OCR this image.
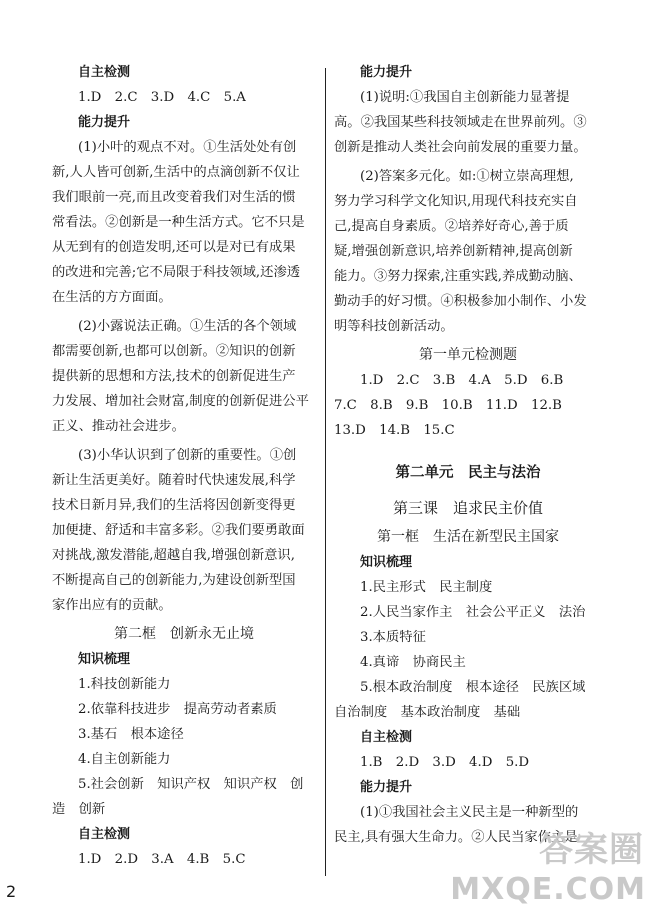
自主检测
1.D　2.C　3.D　4.C　5.A
能力提升
(1)小叶的观点不对。①生活处处有创
新,人人皆可创新,生活中的点滴创新不仅让
我们眼前一亮,而且改变着我们对生活的惯
常看法。②创新是一种生活方式。它不只是
从无到有的创造发明,还可以是对已有成果
的改进和完善;它不局限于科技领域,还渗透
在生活的方方面面。
(2)小露说法正确。①生活的各个领域
都需要创新,也都可以创新。②知识的创新
提供新的思想和方法,技术的创新促进生产
力发展、增加社会财富,制度的创新促进公平
正义、推动社会进步。
(3)小华认识到了创新的重要性。①创
新让生活更美好。随着时代快速发展,科学
技术日新月异,我们的生活将因创新变得更
加便捷、舒适和丰富多彩。②我们要勇敢面
对挑战,激发潜能,超越自我,增强创新意识,
不断提高自己的创新能力,为建设创新型国
家作出应有的贡献。
第二框　创新永无止境
知识梳理
1.科技创新能力
2.依靠科技进步　提高劳动者素质
3.基石　根本途径
4.自主创新能力
5.社会创新　知识产权　知识产权　创
造　创新
自主检测
1.D　2.D　3.A　4.B　5.C
能力提升
(1)说明:①我国自主创新能力显著提
高。②我国某些科技领域走在世界前列。③
创新是推动人类社会向前发展的重要力量。
(2)答案多元化。如:①树立崇高理想,
努力学习科学文化知识,用现代科技充实自
己,提高自身素质。②培养好奇心,善于质
疑,增强创新意识,培养创新精神,提高创新
能力。③努力探索,注重实践,养成勤动脑、
勤动手的好习惯。④积极参加小制作、小发
明等科技创新活动。
第一单元检测题
1.D　2.C　3.B　4.A　5.D　6.B
7.C　8.B　9.B　10.B　11.D　12.B
13.D　14.B　15.C
第二单元　民主与法治
第三课　追求民主价值
第一框　生活在新型民主国家
知识梳理
1.民主形式　民主制度
2.人民当家作主　社会公平正义　法治
3.本质特征
4.真谛　协商民主
5.根本政治制度　根本途径　民族区域
自治制度　基本政治制度　基础
自主检测
1.B　2.D　3.D　4.D　5.D
能力提升
(1)①我国社会主义民主是一种新型的
民主,具有强大生命力。②人民当家作主是
2
答案圈
MXQE.COM
